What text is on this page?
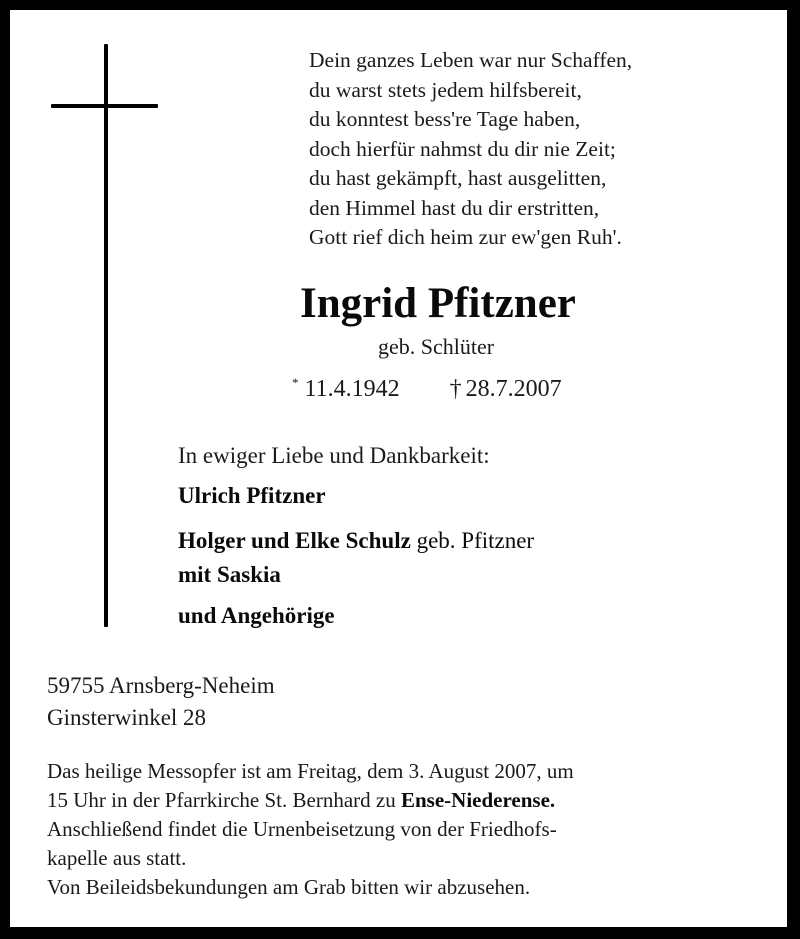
Dein ganzes Leben war nur Schaffen,
du warst stets jedem hilfsbereit,
du konntest bess're Tage haben,
doch hierfür nahmst du dir nie Zeit;
du hast gekämpft, hast ausgelitten,
den Himmel hast du dir erstritten,
Gott rief dich heim zur ew'gen Ruh'.
Ingrid Pfitzner
geb. Schlüter
* 11.4.1942 † 28.7.2007
In ewiger Liebe und Dankbarkeit:
Ulrich Pfitzner
Holger und Elke Schulz geb. Pfitzner
mit Saskia
und Angehörige
59755 Arnsberg-Neheim
Ginsterwinkel 28
Das heilige Messopfer ist am Freitag, dem 3. August 2007, um
15 Uhr in der Pfarrkirche St. Bernhard zu Ense-Niederense.
Anschließend findet die Urnenbeisetzung von der Friedhofs-
kapelle aus statt.
Von Beileidsbekundungen am Grab bitten wir abzusehen.
